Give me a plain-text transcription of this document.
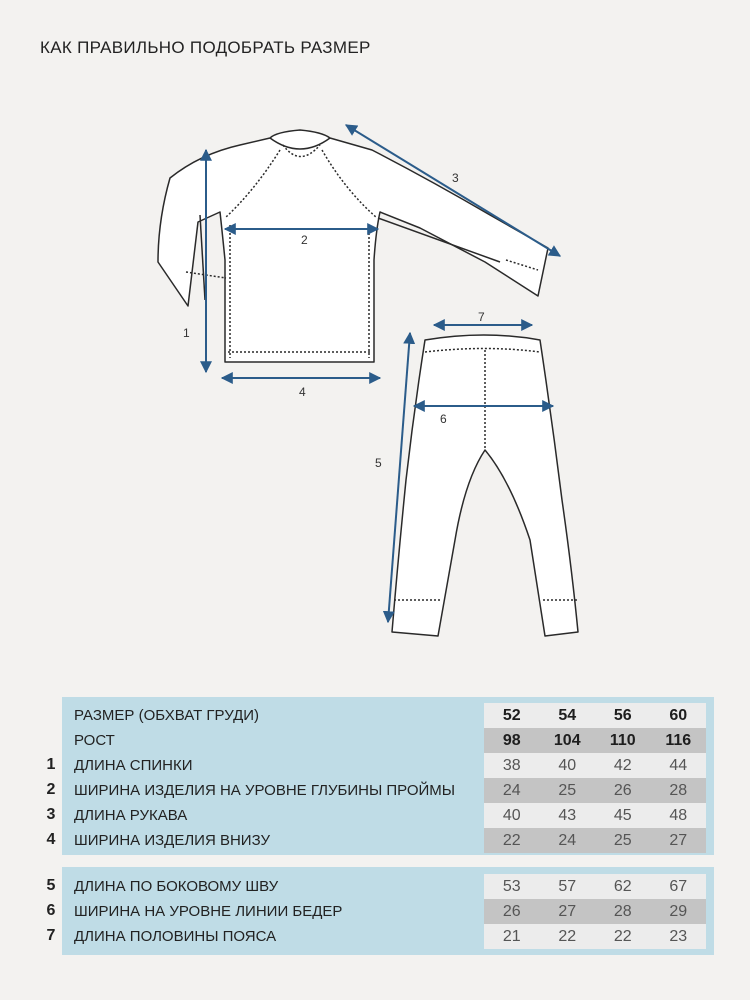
КАК ПРАВИЛЬНО ПОДОБРАТЬ РАЗМЕР
1
2
3
4
5
6
7
РАЗМЕР (ОБХВАТ ГРУДИ)	52	54	56	60
РОСТ	98	104	110	116
ДЛИНА СПИНКИ	38	40	42	44
ШИРИНА ИЗДЕЛИЯ НА УРОВНЕ ГЛУБИНЫ ПРОЙМЫ	24	25	26	28
ДЛИНА РУКАВА	40	43	45	48
ШИРИНА ИЗДЕЛИЯ ВНИЗУ	22	24	25	27
1
2
3
4
ДЛИНА ПО БОКОВОМУ ШВУ	53	57	62	67
ШИРИНА НА УРОВНЕ ЛИНИИ БЕДЕР	26	27	28	29
ДЛИНА ПОЛОВИНЫ ПОЯСА	21	22	22	23
5
6
7
